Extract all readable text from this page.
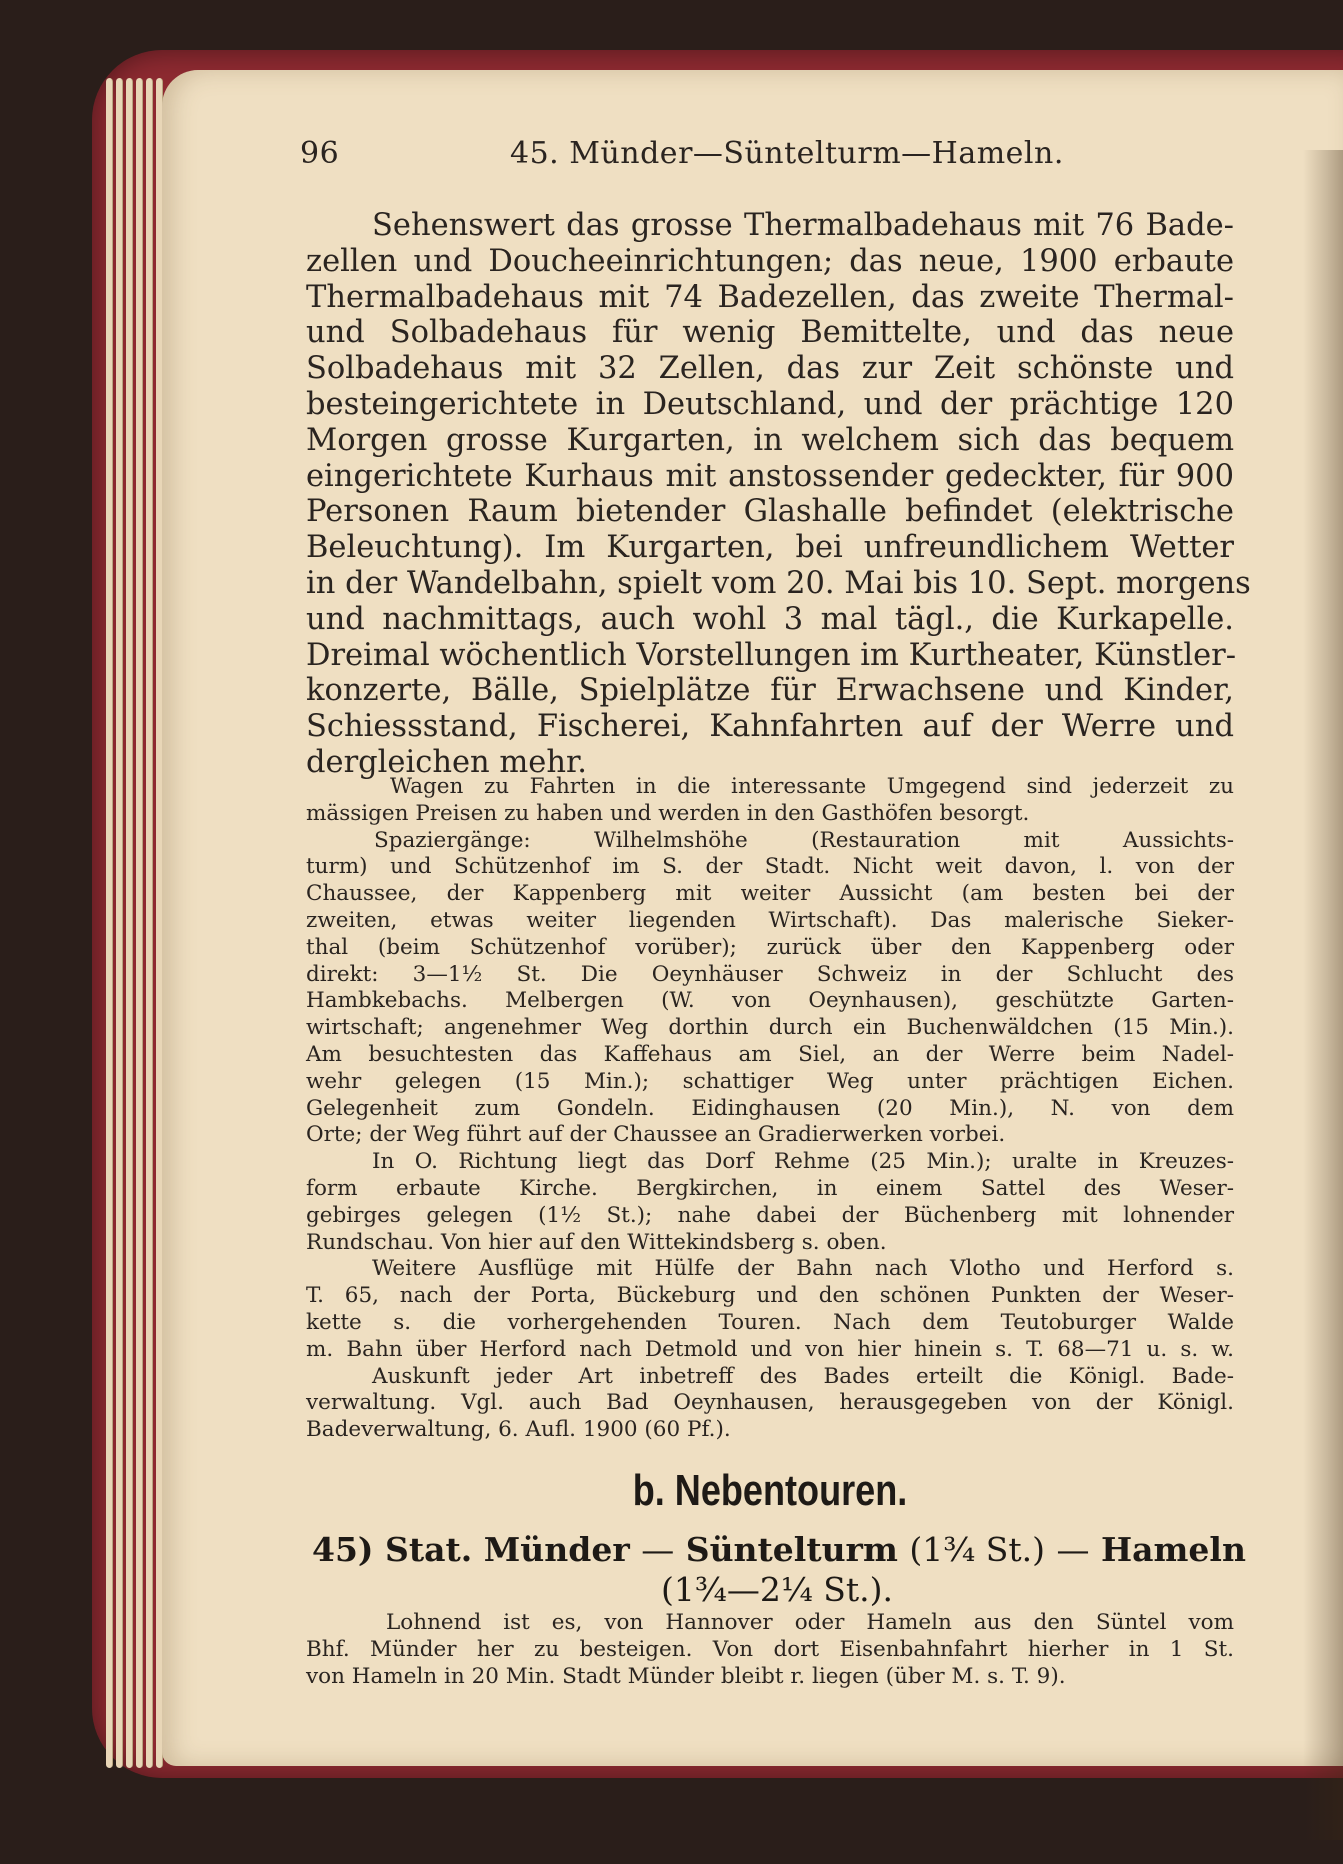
96	45. Münder—Süntelturm—Hameln.
Sehenswert das grosse Thermalbadehaus mit 76 Bade-
zellen und Doucheeinrichtungen; das neue, 1900 erbaute
Thermalbadehaus mit 74 Badezellen, das zweite Thermal-
und Solbadehaus für wenig Bemittelte, und das neue
Solbadehaus mit 32 Zellen, das zur Zeit schönste und
besteingerichtete in Deutschland, und der prächtige 120
Morgen grosse Kurgarten, in welchem sich das bequem
eingerichtete Kurhaus mit anstossender gedeckter, für 900
Personen Raum bietender Glashalle befindet (elektrische
Beleuchtung). Im Kurgarten, bei unfreundlichem Wetter
in der Wandelbahn, spielt vom 20. Mai bis 10. Sept. morgens
und nachmittags, auch wohl 3 mal tägl., die Kurkapelle.
Dreimal wöchentlich Vorstellungen im Kurtheater, Künstler-
konzerte, Bälle, Spielplätze für Erwachsene und Kinder,
Schiessstand, Fischerei, Kahnfahrten auf der Werre und
dergleichen mehr.
Wagen zu Fahrten in die interessante Umgegend sind jederzeit zu
mässigen Preisen zu haben und werden in den Gasthöfen besorgt.
Spaziergänge: Wilhelmshöhe (Restauration mit Aussichts-
turm) und Schützenhof im S. der Stadt. Nicht weit davon, l. von der
Chaussee, der Kappenberg mit weiter Aussicht (am besten bei der
zweiten, etwas weiter liegenden Wirtschaft). Das malerische Sieker-
thal (beim Schützenhof vorüber); zurück über den Kappenberg oder
direkt: 3—1½ St. Die Oeynhäuser Schweiz in der Schlucht des
Hambkebachs. Melbergen (W. von Oeynhausen), geschützte Garten-
wirtschaft; angenehmer Weg dorthin durch ein Buchenwäldchen (15 Min.).
Am besuchtesten das Kaffehaus am Siel, an der Werre beim Nadel-
wehr gelegen (15 Min.); schattiger Weg unter prächtigen Eichen.
Gelegenheit zum Gondeln. Eidinghausen (20 Min.), N. von dem
Orte; der Weg führt auf der Chaussee an Gradierwerken vorbei.
In O. Richtung liegt das Dorf Rehme (25 Min.); uralte in Kreuzes-
form erbaute Kirche. Bergkirchen, in einem Sattel des Weser-
gebirges gelegen (1½ St.); nahe dabei der Büchenberg mit lohnender
Rundschau. Von hier auf den Wittekindsberg s. oben.
Weitere Ausflüge mit Hülfe der Bahn nach Vlotho und Herford s.
T. 65, nach der Porta, Bückeburg und den schönen Punkten der Weser-
kette s. die vorhergehenden Touren. Nach dem Teutoburger Walde
m. Bahn über Herford nach Detmold und von hier hinein s. T. 68—71 u. s. w.
Auskunft jeder Art inbetreff des Bades erteilt die Königl. Bade-
verwaltung. Vgl. auch Bad Oeynhausen, herausgegeben von der Königl.
Badeverwaltung, 6. Aufl. 1900 (60 Pf.).
b. Nebentouren.
45) Stat. Münder — Süntelturm (1¾ St.) — Hameln
(1¾—2¼ St.).
Lohnend ist es, von Hannover oder Hameln aus den Süntel vom
Bhf. Münder her zu besteigen. Von dort Eisenbahnfahrt hierher in 1 St.
von Hameln in 20 Min. Stadt Münder bleibt r. liegen (über M. s. T. 9).
